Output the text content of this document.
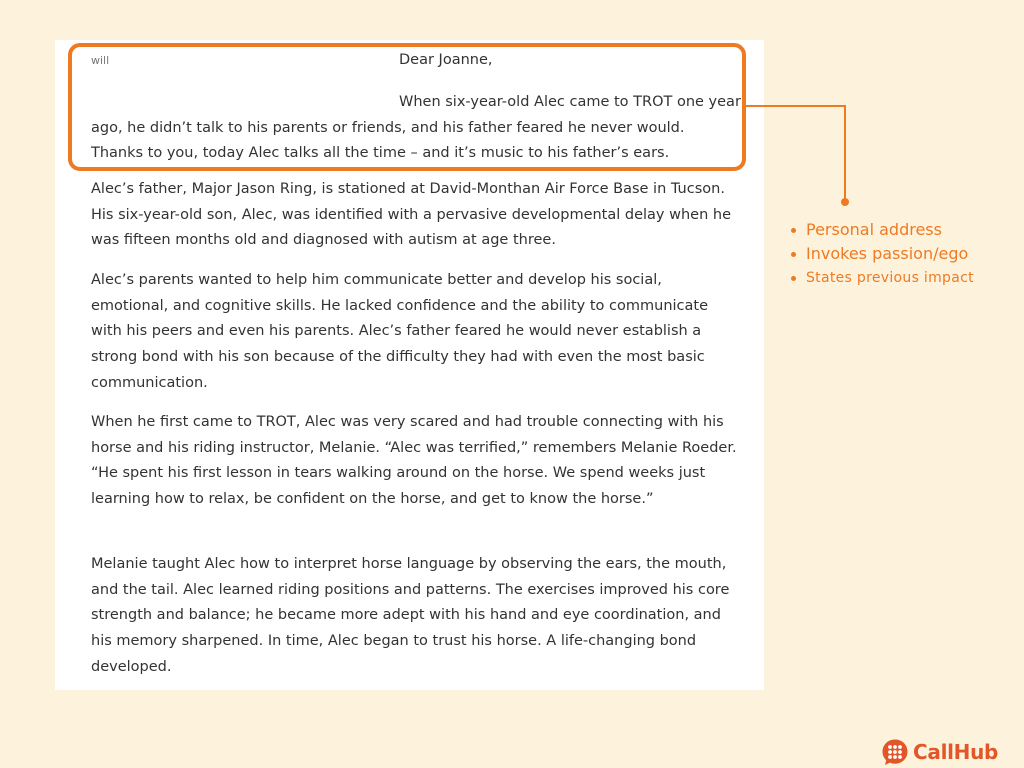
will	Dear Joanne,

When six-year-old Alec came to TROT one year ago, he didn’t talk to his parents or friends, and his father feared he never would. Thanks to you, today Alec talks all the time – and it’s music to his father’s ears.

Alec’s father, Major Jason Ring, is stationed at David-Monthan Air Force Base in Tucson. His six-year-old son, Alec, was identified with a pervasive developmental delay when he was fifteen months old and diagnosed with autism at age three.

Alec’s parents wanted to help him communicate better and develop his social, emotional, and cognitive skills. He lacked confidence and the ability to communicate with his peers and even his parents. Alec’s father feared he would never establish a strong bond with his son because of the difficulty they had with even the most basic communication.

When he first came to TROT, Alec was very scared and had trouble connecting with his horse and his riding instructor, Melanie. “Alec was terrified,” remembers Melanie Roeder. “He spent his first lesson in tears walking around on the horse. We spend weeks just learning how to relax, be confident on the horse, and get to know the horse.”

Melanie taught Alec how to interpret horse language by observing the ears, the mouth, and the tail. Alec learned riding positions and patterns. The exercises improved his core strength and balance; he became more adept with his hand and eye coordination, and his memory sharpened. In time, Alec began to trust his horse. A life-changing bond developed.

Personal address
Invokes passion/ego
States previous impact
CallHub
